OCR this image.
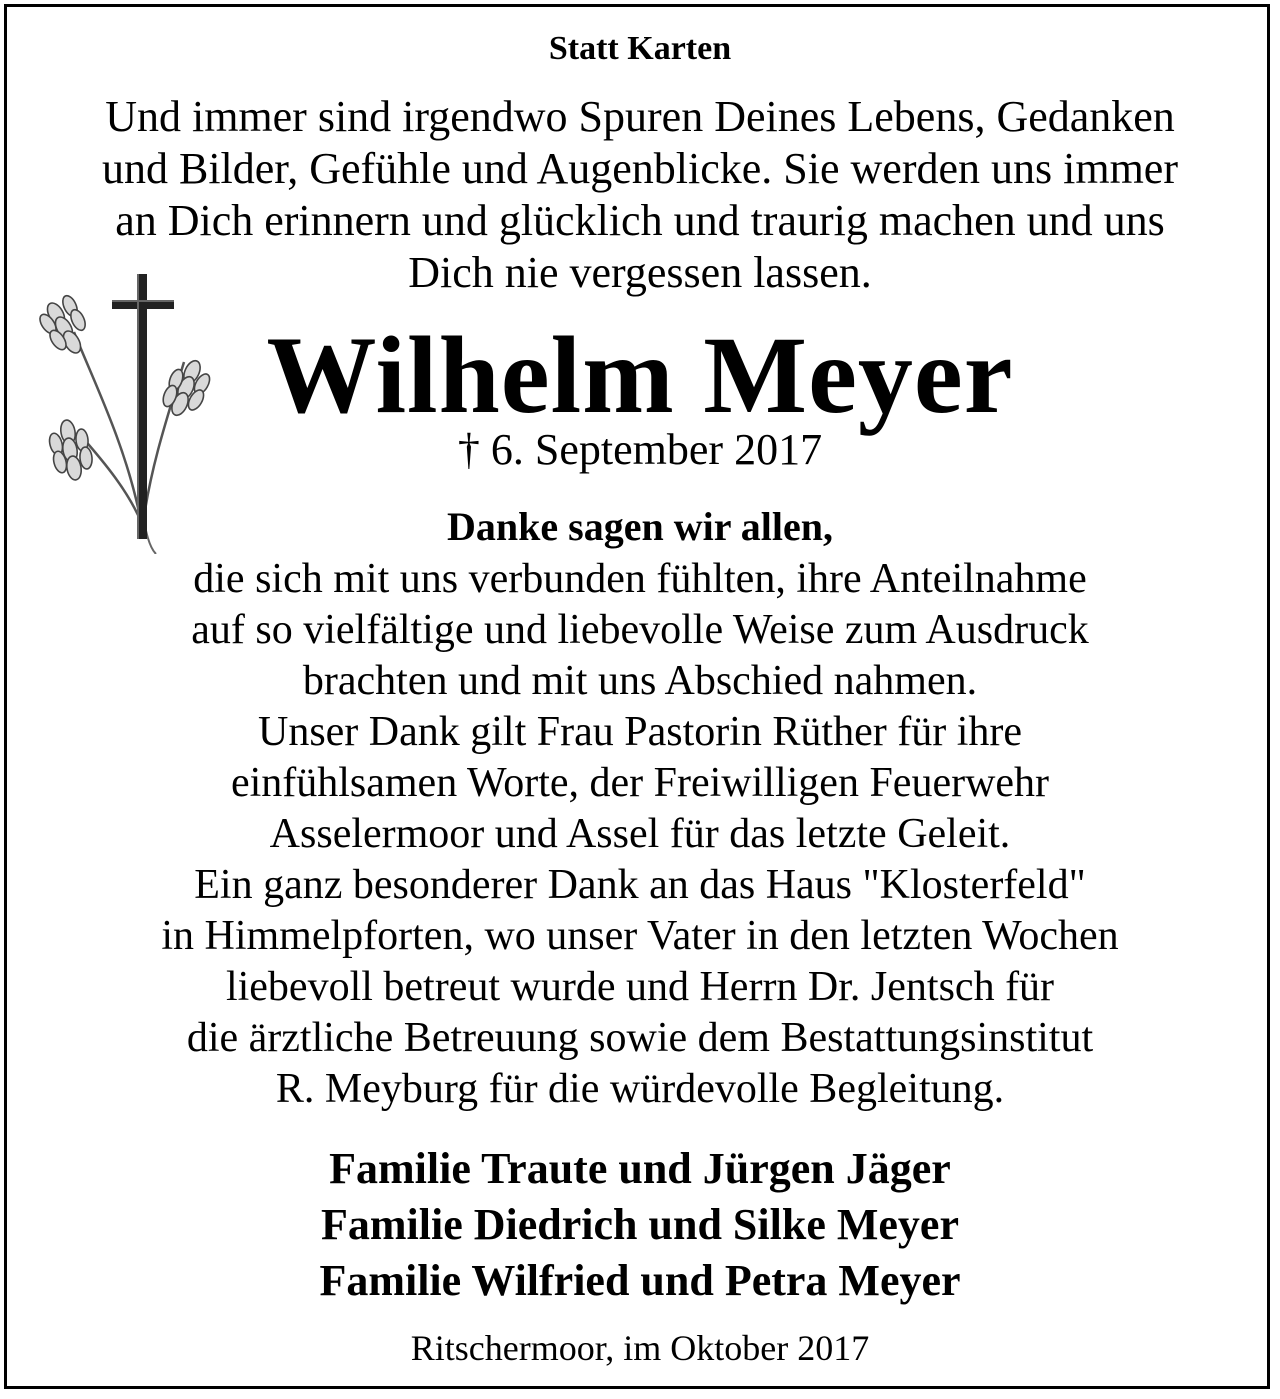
Statt Karten
Und immer sind irgendwo Spuren Deines Lebens, Gedanken
und Bilder, Gefühle und Augenblicke. Sie werden uns immer
an Dich erinnern und glücklich und traurig machen und uns
Dich nie vergessen lassen.
Wilhelm Meyer
† 6. September 2017
Danke sagen wir allen,
die sich mit uns verbunden fühlten, ihre Anteilnahme
auf so vielfältige und liebevolle Weise zum Ausdruck
brachten und mit uns Abschied nahmen.
Unser Dank gilt Frau Pastorin Rüther für ihre
einfühlsamen Worte, der Freiwilligen Feuerwehr
Asselermoor und Assel für das letzte Geleit.
Ein ganz besonderer Dank an das Haus "Klosterfeld"
in Himmelpforten, wo unser Vater in den letzten Wochen
liebevoll betreut wurde und Herrn Dr. Jentsch für
die ärztliche Betreuung sowie dem Bestattungsinstitut
R. Meyburg für die würdevolle Begleitung.
Familie Traute und Jürgen Jäger
Familie Diedrich und Silke Meyer
Familie Wilfried und Petra Meyer
Ritschermoor, im Oktober 2017
